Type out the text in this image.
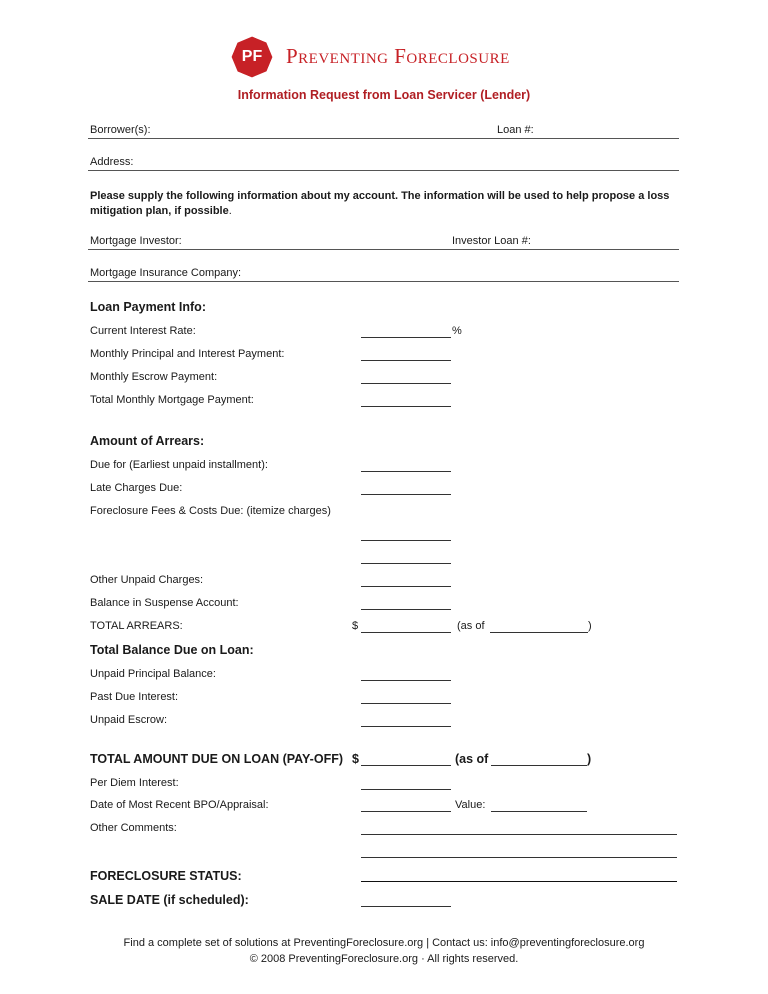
PF	Preventing Foreclosure
Information Request from Loan Servicer (Lender)
Borrower(s):	Loan #:
Address:
Please supply the following information about my account. The information will be used to help propose a loss
mitigation plan, if possible.
Mortgage Investor:	Investor Loan #:
Mortgage Insurance Company:
Loan Payment Info:
Current Interest Rate:	%
Monthly Principal and Interest Payment:
Monthly Escrow Payment:
Total Monthly Mortgage Payment:
Amount of Arrears:
Due for (Earliest unpaid installment):
Late Charges Due:
Foreclosure Fees & Costs Due: (itemize charges)
Other Unpaid Charges:
Balance in Suspense Account:
TOTAL ARREARS:	$	(as of	)
Total Balance Due on Loan:
Unpaid Principal Balance:
Past Due Interest:
Unpaid Escrow:
TOTAL AMOUNT DUE ON LOAN (PAY-OFF) $	(as of	)
Per Diem Interest:
Date of Most Recent BPO/Appraisal:	Value:
Other Comments:
FORECLOSURE STATUS:
SALE DATE (if scheduled):
Find a complete set of solutions at PreventingForeclosure.org | Contact us: info@preventingforeclosure.org
© 2008 PreventingForeclosure.org · All rights reserved.
